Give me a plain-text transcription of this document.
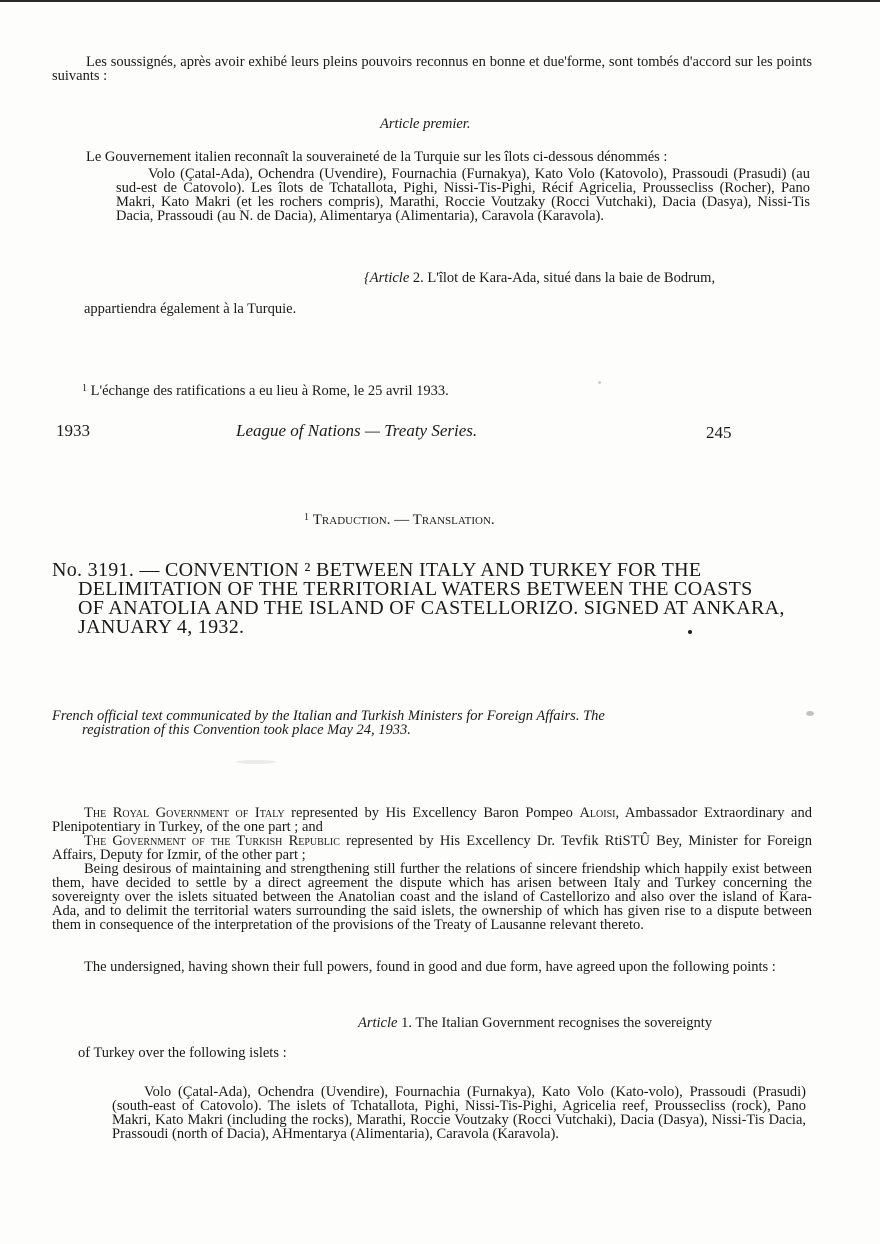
Les soussignés, après avoir exhibé leurs pleins pouvoirs reconnus en bonne et due'forme, sont tombés d'accord sur les points suivants :

Article premier.

Le Gouvernement italien reconnaît la souveraineté de la Turquie sur les îlots ci-dessous dénommés :

Volo (Çatal-Ada), Ochendra (Uvendire), Fournachia (Furnakya), Kato Volo (Katovolo), Prassoudi (Prasudi) (au sud-est de Catovolo). Les îlots de Tchatallota, Pighi, Nissi-Tis-Pighi, Récif Agricelia, Proussecliss (Rocher), Pano Makri, Kato Makri (et les rochers compris), Marathi, Roccie Voutzaky (Rocci Vutchaki), Dacia (Dasya), Nissi-Tis Dacia, Prassoudi (au N. de Dacia), Alimentarya (Alimentaria), Caravola (Karavola).

{Article 2. L'îlot de Kara-Ada, situé dans la baie de Bodrum,

appartiendra également à la Turquie.

$^1$ L'échange des ratifications a eu lieu à Rome, le 25 avril 1933.

1933	League of Nations — Treaty Series.	245

$^1$ Traduction. — Translation.

No. 3191. — CONVENTION ² BETWEEN ITALY AND TURKEY FOR THE
DELIMITATION OF THE TERRITORIAL WATERS BETWEEN THE COASTS
OF ANATOLIA AND THE ISLAND OF CASTELLORIZO. SIGNED AT ANKARA,
JANUARY 4, 1932.
French official text communicated by the Italian and Turkish Ministers for Foreign Affairs. The
registration of this Convention took place May 24, 1933.

The Royal Government of Italy represented by His Excellency Baron Pompeo Aloisi, Ambassador Extraordinary and Plenipotentiary in Turkey, of the one part ; and

The Government of the Turkish Republic represented by His Excellency Dr. Tevfik RtiSTÛ Bey, Minister for Foreign Affairs, Deputy for Izmir, of the other part ;

Being desirous of maintaining and strengthening still further the relations of sincere friendship which happily exist between them, have decided to settle by a direct agreement the dispute which has arisen between Italy and Turkey concerning the sovereignty over the islets situated between the Anatolian coast and the island of Castellorizo and also over the island of Kara-Ada, and to delimit the territorial waters surrounding the said islets, the ownership of which has given rise to a dispute between them in consequence of the interpretation of the provisions of the Treaty of Lausanne relevant thereto.

The undersigned, having shown their full powers, found in good and due form, have agreed upon the following points :

Article 1. The Italian Government recognises the sovereignty

of Turkey over the following islets :

Volo (Çatal-Ada), Ochendra (Uvendire), Fournachia (Furnakya), Kato Volo (Kato-volo), Prassoudi (Prasudi) (south-east of Catovolo). The islets of Tchatallota, Pighi, Nissi-Tis-Pighi, Agricelia reef, Proussecliss (rock), Pano Makri, Kato Makri (including the rocks), Marathi, Roccie Voutzaky (Rocci Vutchaki), Dacia (Dasya), Nissi-Tis Dacia, Prassoudi (north of Dacia), AHmentarya (Alimentaria), Caravola (Karavola).
